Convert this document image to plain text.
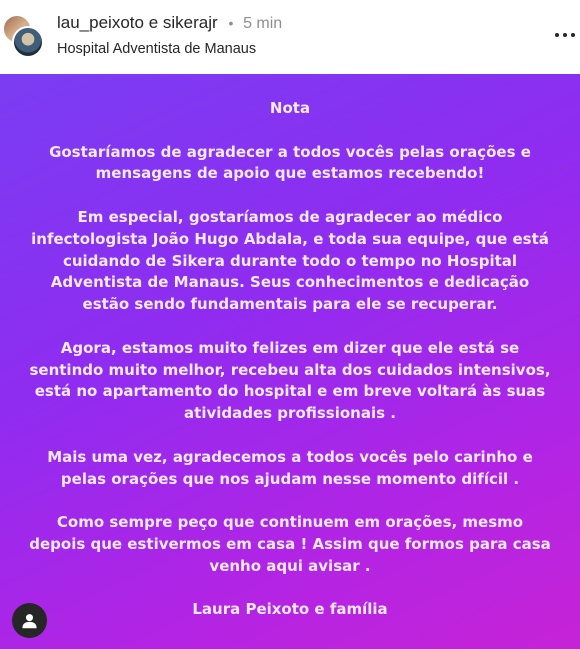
lau_peixoto e sikerajr • 5 min
Hospital Adventista de Manaus

Nota

Gostaríamos de agradecer a todos vocês pelas orações e
mensagens de apoio que estamos recebendo!

Em especial, gostaríamos de agradecer ao médico
infectologista João Hugo Abdala, e toda sua equipe, que está
cuidando de Sikera durante todo o tempo no Hospital
Adventista de Manaus. Seus conhecimentos e dedicação
estão sendo fundamentais para ele se recuperar.

Agora, estamos muito felizes em dizer que ele está se
sentindo muito melhor, recebeu alta dos cuidados intensivos,
está no apartamento do hospital e em breve voltará às suas
atividades profissionais .

Mais uma vez, agradecemos a todos vocês pelo carinho e
pelas orações que nos ajudam nesse momento difícil .

Como sempre peço que continuem em orações, mesmo
depois que estivermos em casa ! Assim que formos para casa
venho aqui avisar .

Laura Peixoto e família
